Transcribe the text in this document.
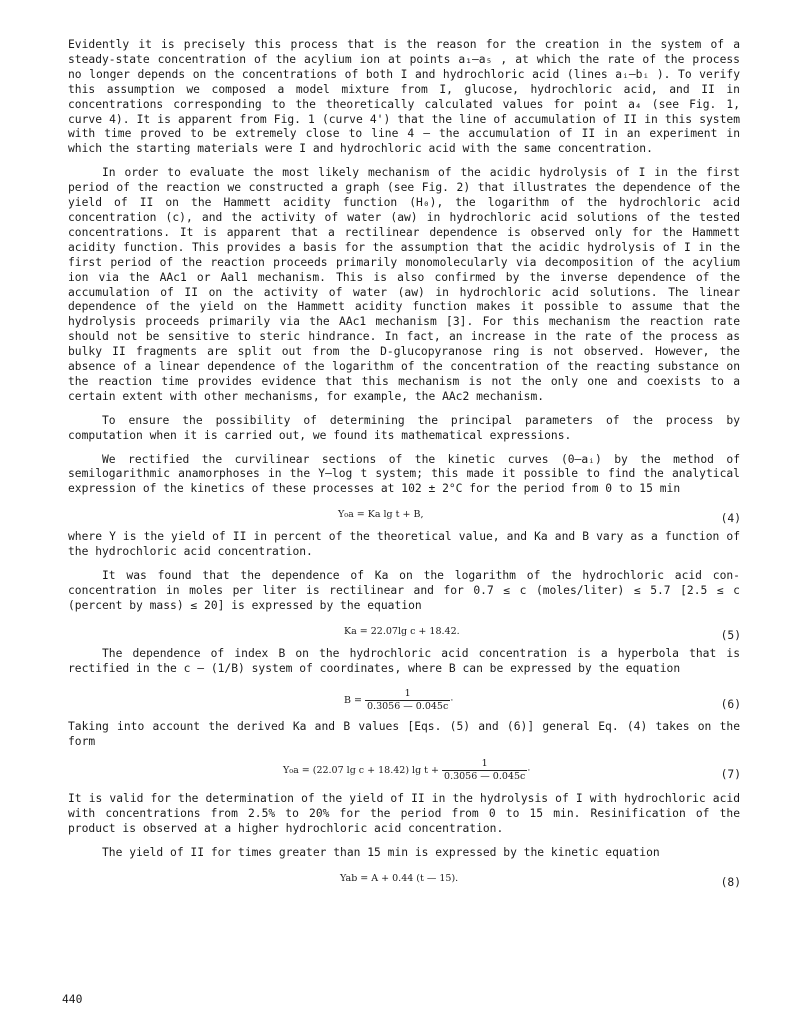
Evidently it is precisely this process that is the reason for the creation in the system of a steady-state concentration of the acylium ion at points a₁—a₅ , at which the rate of the process no longer depends on the concentrations of both I and hydrochloric acid (lines aᵢ—bᵢ ). To verify this assumption we composed a model mixture from I, glucose, hydrochloric acid, and II in concentrations corresponding to the theoretically calculated values for point a₄ (see Fig. 1, curve 4). It is apparent from Fig. 1 (curve 4') that the line of accumulation of II in this system with time proved to be extremely close to line 4 — the accumulation of II in an experiment in which the starting materials were I and hydrochloric acid with the same concentration.

In order to evaluate the most likely mechanism of the acidic hydrolysis of I in the first period of the reaction we constructed a graph (see Fig. 2) that illustrates the dependence of the yield of II on the Hammett acidity function (H₀), the logarithm of the hydrochloric acid concentration (c), and the activity of water (aw) in hydrochloric acid solutions of the tested concentrations. It is apparent that a rectilinear dependence is observed only for the Hammett acidity function. This provides a basis for the assumption that the acidic hydrolysis of I in the first period of the reaction proceeds primarily monomolecularly via decomposition of the acylium ion via the AAc1 or Aal1 mechanism. This is also confirmed by the inverse dependence of the accumulation of II on the activity of water (aw) in hydrochloric acid solutions. The linear dependence of the yield on the Hammett acidity function makes it possible to assume that the hydrolysis proceeds primarily via the AAc1 mechanism [3]. For this mechanism the reaction rate should not be sensitive to steric hindrance. In fact, an increase in the rate of the process as bulky II fragments are split out from the D-glucopyranose ring is not observed. However, the absence of a linear dependence of the logarithm of the concentration of the reacting substance on the reaction time provides evidence that this mechanism is not the only one and coexists to a certain extent with other mechanisms, for example, the AAc2 mechanism.

To ensure the possibility of determining the principal parameters of the process by computation when it is carried out, we found its mathematical expressions.

We rectified the curvilinear sections of the kinetic curves (0—aᵢ) by the method of semilogarithmic anamorphoses in the Y—log t system; this made it possible to find the analytical expression of the kinetics of these processes at 102 ± 2°C for the period from 0 to 15 min

Y₀a = Ka lg t + B,	(4)

where Y is the yield of II in percent of the theoretical value, and Ka and B vary as a function of the hydrochloric acid concentration.

It was found that the dependence of Ka on the logarithm of the hydrochloric acid con-concentration in moles per liter is rectilinear and for 0.7 ≤ c (moles/liter) ≤ 5.7 [2.5 ≤ c (percent by mass) ≤ 20] is expressed by the equation

Ka = 22.07lg c + 18.42.	(5)

The dependence of index B on the hydrochloric acid concentration is a hyperbola that is rectified in the c — (1/B) system of coordinates, where B can be expressed by the equation

$B = \frac{1}{0.3056 — 0.045c}$ ·	(6)

Taking into account the derived Ka and B values [Eqs. (5) and (6)] general Eq. (4) takes on the form

Y₀a = (22.07 lg c + 18.42) $\lg t + \frac{1}{0.3056 — 0.045c}$ ·	(7)

It is valid for the determination of the yield of II in the hydrolysis of I with hydrochloric acid with concentrations from 2.5% to 20% for the period from 0 to 15 min. Resinification of the product is observed at a higher hydrochloric acid concentration.

The yield of II for times greater than 15 min is expressed by the kinetic equation

Yab = A + 0.44 (t — 15).	(8)
440
